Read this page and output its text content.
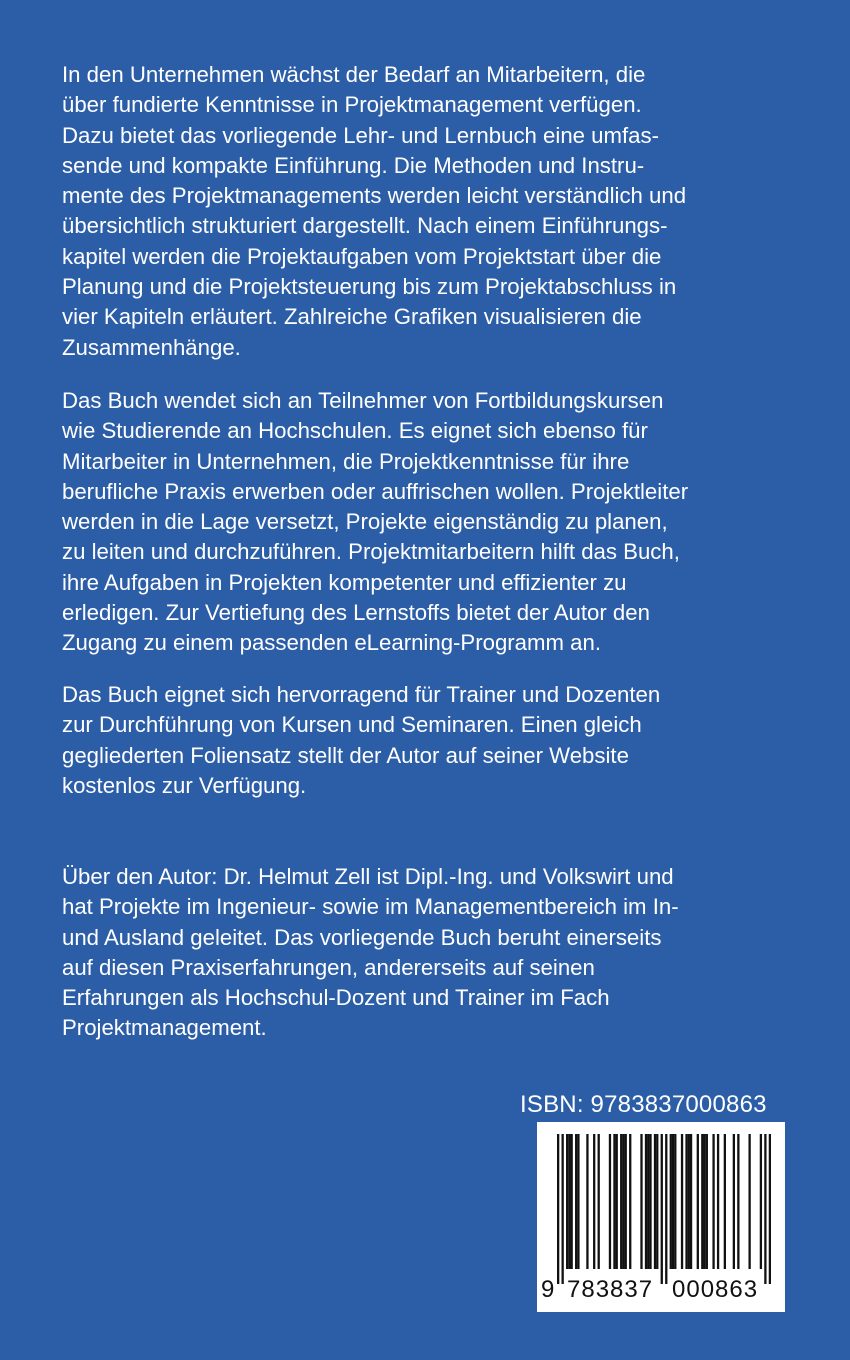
In den Unternehmen wächst der Bedarf an Mitarbeitern, die

über fundierte Kenntnisse in Projektmanagement verfügen.

Dazu bietet das vorliegende Lehr- und Lernbuch eine umfas-

sende und kompakte Einführung. Die Methoden und Instru-

mente des Projektmanagements werden leicht verständlich und

übersichtlich strukturiert dargestellt. Nach einem Einführungs-

kapitel werden die Projektaufgaben vom Projektstart über die

Planung und die Projektsteuerung bis zum Projektabschluss in

vier Kapiteln erläutert. Zahlreiche Grafiken visualisieren die

Zusammenhänge.

Das Buch wendet sich an Teilnehmer von Fortbildungskursen

wie Studierende an Hochschulen. Es eignet sich ebenso für

Mitarbeiter in Unternehmen, die Projektkenntnisse für ihre

berufliche Praxis erwerben oder auffrischen wollen. Projektleiter

werden in die Lage versetzt, Projekte eigenständig zu planen,

zu leiten und durchzuführen. Projektmitarbeitern hilft das Buch,

ihre Aufgaben in Projekten kompetenter und effizienter zu

erledigen. Zur Vertiefung des Lernstoffs bietet der Autor den

Zugang zu einem passenden eLearning-Programm an.

Das Buch eignet sich hervorragend für Trainer und Dozenten

zur Durchführung von Kursen und Seminaren. Einen gleich

gegliederten Foliensatz stellt der Autor auf seiner Website

kostenlos zur Verfügung.

Über den Autor: Dr. Helmut Zell ist Dipl.-Ing. und Volkswirt und

hat Projekte im Ingenieur- sowie im Managementbereich im In-

und Ausland geleitet. Das vorliegende Buch beruht einerseits

auf diesen Praxiserfahrungen, andererseits auf seinen

Erfahrungen als Hochschul-Dozent und Trainer im Fach

Projektmanagement.

ISBN: 9783837000863
9 783837 000863
